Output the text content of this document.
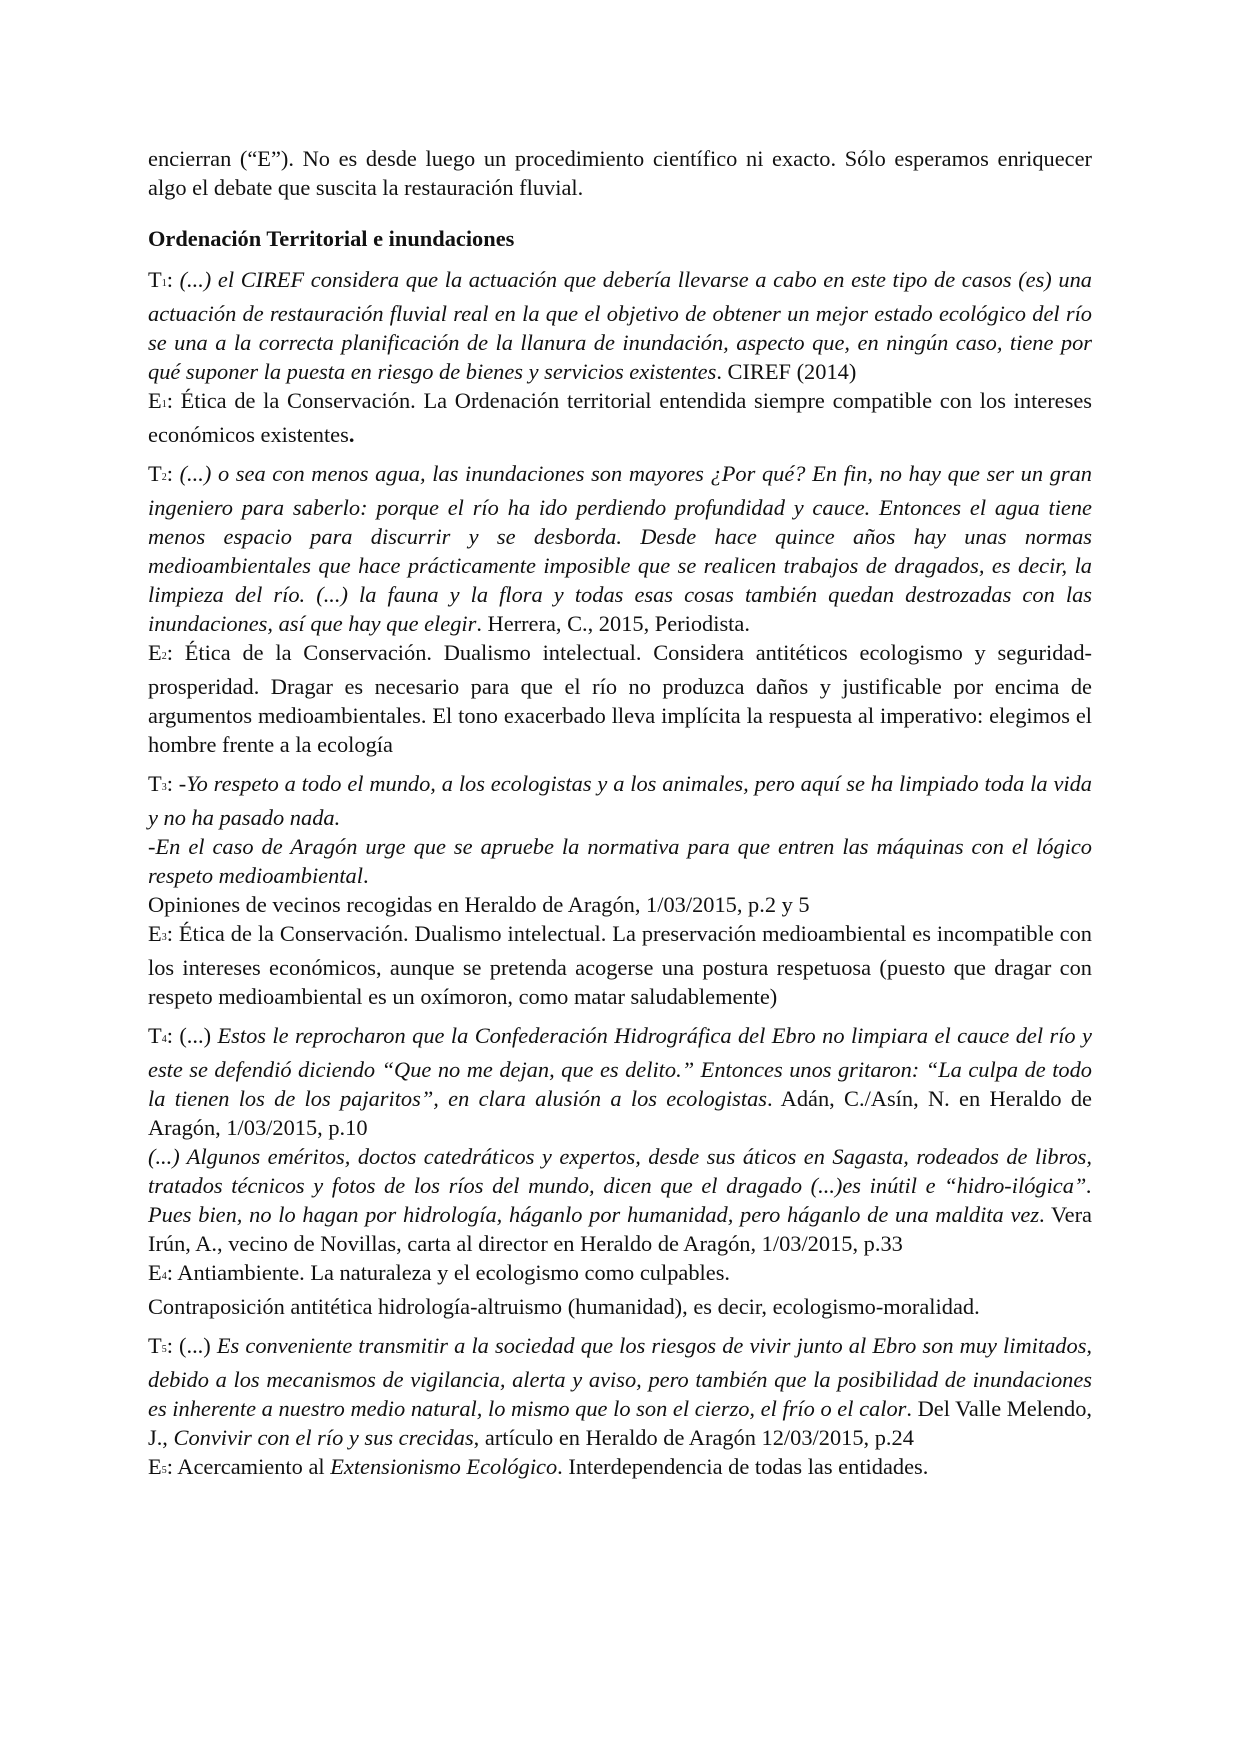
encierran (“E”). No es desde luego un procedimiento científico ni exacto. Sólo esperamos enriquecer algo el debate que suscita la restauración fluvial.

Ordenación Territorial e inundaciones

$T_1$: (...) el CIREF considera que la actuación que debería llevarse a cabo en este tipo de casos (es) una actuación de restauración fluvial real en la que el objetivo de obtener un mejor estado ecológico del río se una a la correcta planificación de la llanura de inundación, aspecto que, en ningún caso, tiene por qué suponer la puesta en riesgo de bienes y servicios existentes. CIREF (2014)

$E_1$: Ética de la Conservación. La Ordenación territorial entendida siempre compatible con los intereses económicos existentes.

$T_2$: (...) o sea con menos agua, las inundaciones son mayores ¿Por qué? En fin, no hay que ser un gran ingeniero para saberlo: porque el río ha ido perdiendo profundidad y cauce. Entonces el agua tiene menos espacio para discurrir y se desborda. Desde hace quince años hay unas normas medioambientales que hace prácticamente imposible que se realicen trabajos de dragados, es decir, la limpieza del río. (...) la fauna y la flora y todas esas cosas también quedan destrozadas con las inundaciones, así que hay que elegir. Herrera, C., 2015, Periodista.

$E_2$: Ética de la Conservación. Dualismo intelectual. Considera antitéticos ecologismo y seguridad- prosperidad. Dragar es necesario para que el río no produzca daños y justificable por encima de argumentos medioambientales. El tono exacerbado lleva implícita la respuesta al imperativo: elegimos el hombre frente a la ecología

$T_3$: -Yo respeto a todo el mundo, a los ecologistas y a los animales, pero aquí se ha limpiado toda la vida y no ha pasado nada.

-En el caso de Aragón urge que se apruebe la normativa para que entren las máquinas con el lógico respeto medioambiental.

Opiniones de vecinos recogidas en Heraldo de Aragón, 1/03/2015, p.2 y 5

$E_3$: Ética de la Conservación. Dualismo intelectual. La preservación medioambiental es incompatible con los intereses económicos, aunque se pretenda acogerse una postura respetuosa (puesto que dragar con respeto medioambiental es un oxímoron, como matar saludablemente)

$T_4$: (...) Estos le reprocharon que la Confederación Hidrográfica del Ebro no limpiara el cauce del río y este se defendió diciendo “Que no me dejan, que es delito.” Entonces unos gritaron: “La culpa de todo la tienen los de los pajaritos”, en clara alusión a los ecologistas. Adán, C./Asín, N. en Heraldo de Aragón, 1/03/2015, p.10

(...) Algunos eméritos, doctos catedráticos y expertos, desde sus áticos en Sagasta, rodeados de libros, tratados técnicos y fotos de los ríos del mundo, dicen que el dragado (...)es inútil e “hidro-ilógica”. Pues bien, no lo hagan por hidrología, háganlo por humanidad, pero háganlo de una maldita vez. Vera Irún, A., vecino de Novillas, carta al director en Heraldo de Aragón, 1/03/2015, p.33

$E_4$: Antiambiente. La naturaleza y el ecologismo como culpables.

Contraposición antitética hidrología-altruismo (humanidad), es decir, ecologismo-moralidad.

$T_5$: (...) Es conveniente transmitir a la sociedad que los riesgos de vivir junto al Ebro son muy limitados, debido a los mecanismos de vigilancia, alerta y aviso, pero también que la posibilidad de inundaciones es inherente a nuestro medio natural, lo mismo que lo son el cierzo, el frío o el calor. Del Valle Melendo, J., Convivir con el río y sus crecidas, artículo en Heraldo de Aragón 12/03/2015, p.24

$E_5$: Acercamiento al Extensionismo Ecológico. Interdependencia de todas las entidades.
